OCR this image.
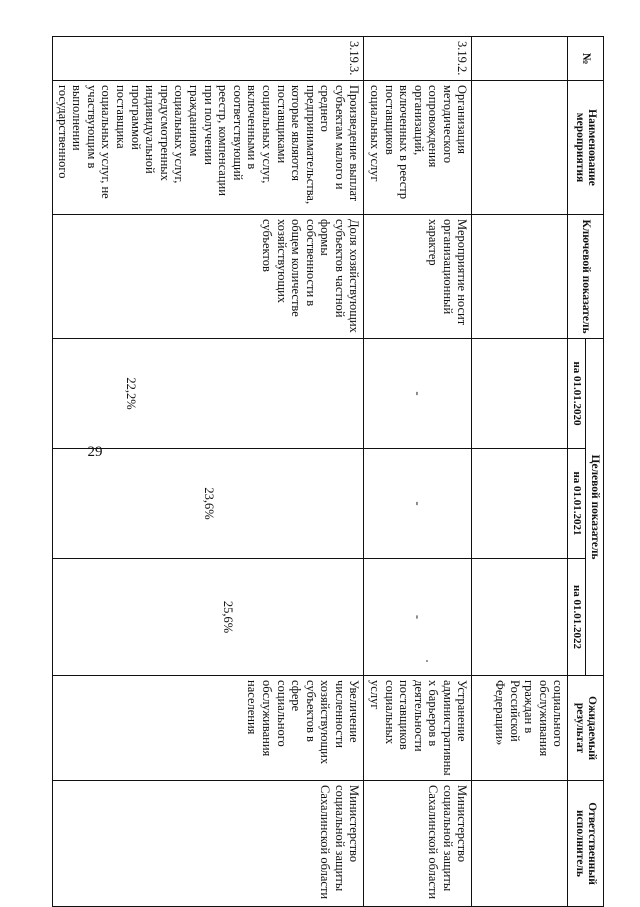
29
№	Наименование мероприятия	Ключевой показатель	Целевой показатель			Ожидаемый результат	Ответственный исполнитель
			на 01.01.2020	на 01.01.2021	на 01.01.2022		
						социального обслуживания граждан в Российской Федерации»	
3.19.2.	Организация методического сопровождения организаций, включенных в реестр поставщиков социальных услуг	Мероприятие носит организационный характер	-	-	-	Устранение административных барьеров в деятельности поставщиков социальных услуг	Министерство социальной защиты Сахалинской области
3.19.3.	Произведение выплат субъектам малого и среднего предпринимательства, которые являются поставщиками социальных услуг, включенными в соответствующий реестр, компенсации при получении гражданином социальных услуг, предусмотренных индивидуальной программой поставщика социальных услуг, не участвующим в выполнении государственного	Доля хозяйствующих субъектов частной формы собственности в общем количестве хозяйствующих субъектов	22,2%	23,6%	25,6%	Увеличение численности хозяйствующих субъектов в сфере социального обслуживания населения	Министерство социальной защиты Сахалинской области
